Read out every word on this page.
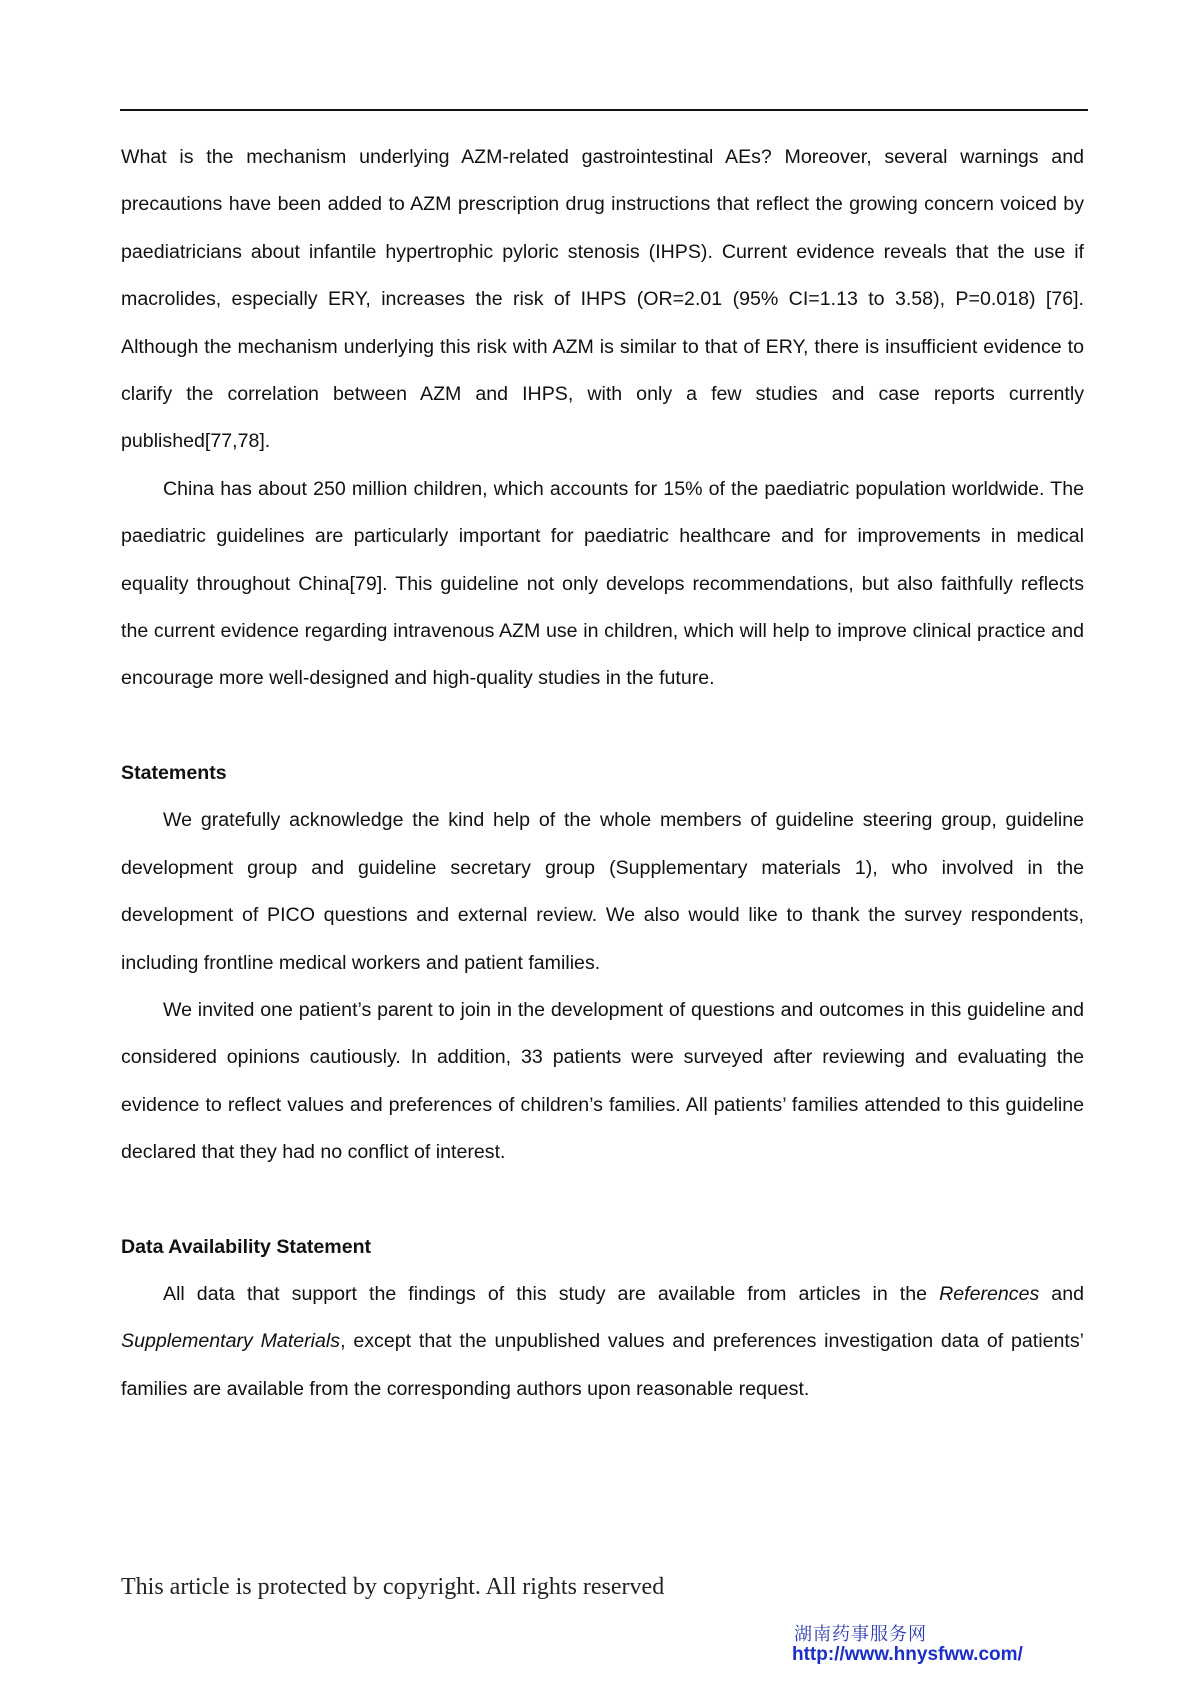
What is the mechanism underlying AZM-related gastrointestinal AEs? Moreover, several warnings and precautions have been added to AZM prescription drug instructions that reflect the growing concern voiced by paediatricians about infantile hypertrophic pyloric stenosis (IHPS). Current evidence reveals that the use if macrolides, especially ERY, increases the risk of IHPS (OR=2.01 (95% CI=1.13 to 3.58), P=0.018) [76]. Although the mechanism underlying this risk with AZM is similar to that of ERY, there is insufficient evidence to clarify the correlation between AZM and IHPS, with only a few studies and case reports currently published[77,78].

China has about 250 million children, which accounts for 15% of the paediatric population worldwide. The paediatric guidelines are particularly important for paediatric healthcare and for improvements in medical equality throughout China[79]. This guideline not only develops recommendations, but also faithfully reflects the current evidence regarding intravenous AZM use in children, which will help to improve clinical practice and encourage more well-designed and high-quality studies in the future.

Statements

We gratefully acknowledge the kind help of the whole members of guideline steering group, guideline development group and guideline secretary group (Supplementary materials 1), who involved in the development of PICO questions and external review. We also would like to thank the survey respondents, including frontline medical workers and patient families.

We invited one patient’s parent to join in the development of questions and outcomes in this guideline and considered opinions cautiously. In addition, 33 patients were surveyed after reviewing and evaluating the evidence to reflect values and preferences of children’s families. All patients’ families attended to this guideline declared that they had no conflict of interest.

Data Availability Statement

All data that support the findings of this study are available from articles in the References and Supplementary Materials, except that the unpublished values and preferences investigation data of patients’ families are available from the corresponding authors upon reasonable request.

This article is protected by copyright. All rights reserved
湖南药事服务网
http://www.hnysfww.com/
